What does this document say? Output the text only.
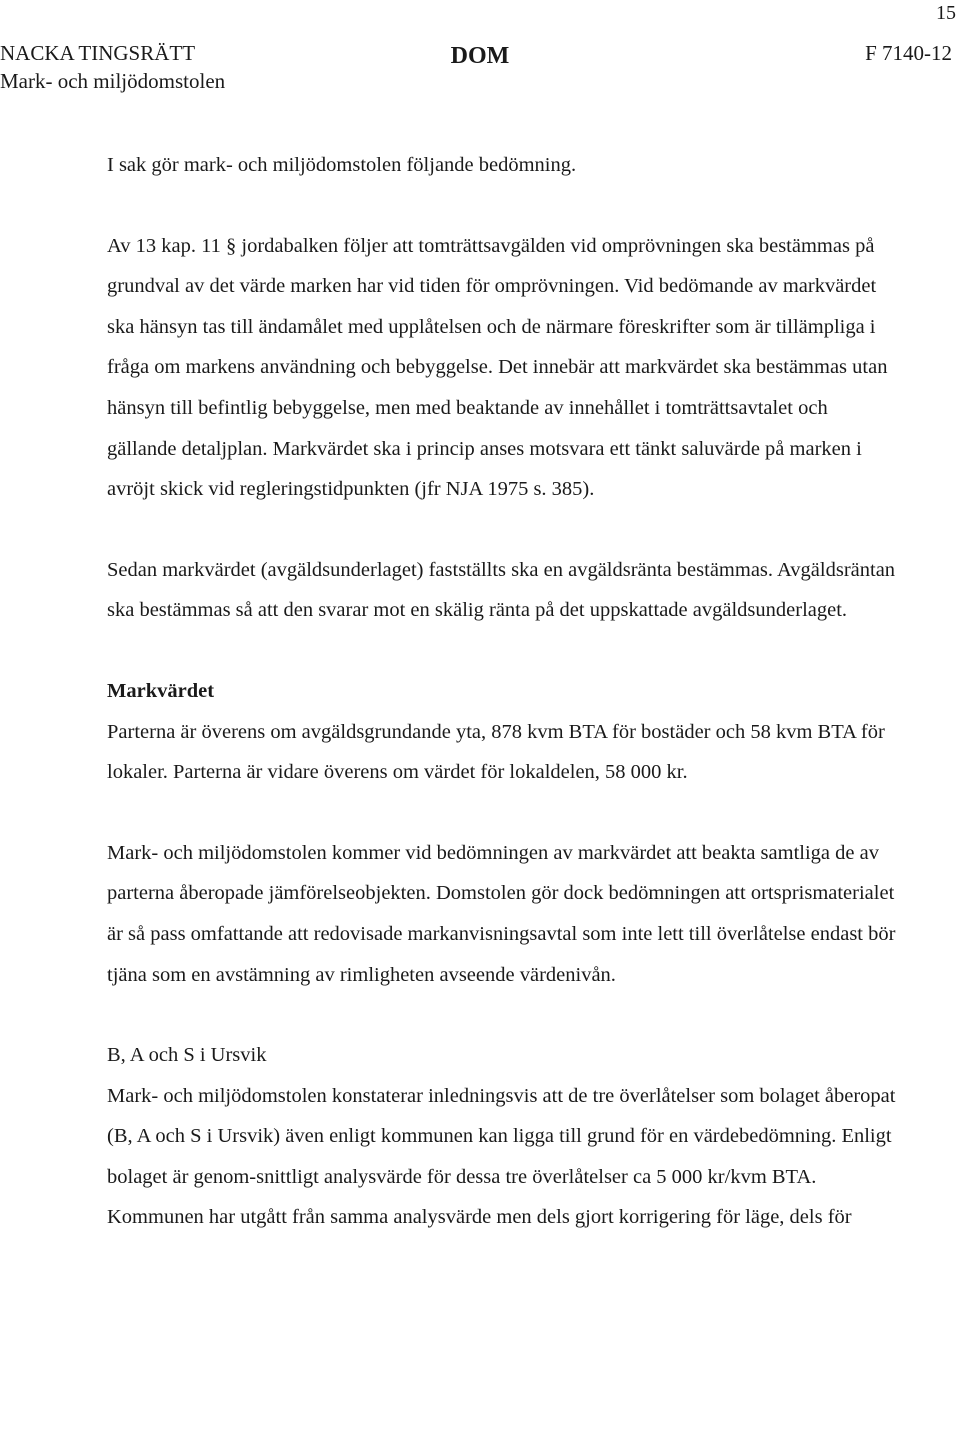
15
NACKA TINGSRÄTT
Mark- och miljödomstolen
DOM	F 7140-12

I sak gör mark- och miljödomstolen följande bedömning.

Av 13 kap. 11 § jordabalken följer att tomträttsavgälden vid omprövningen ska bestämmas på grundval av det värde marken har vid tiden för omprövningen. Vid bedömande av markvärdet ska hänsyn tas till ändamålet med upplåtelsen och de närmare föreskrifter som är tillämpliga i fråga om markens användning och bebyggelse. Det innebär att markvärdet ska bestämmas utan hänsyn till befintlig bebyggelse, men med beaktande av innehållet i tomträttsavtalet och gällande detaljplan. Markvärdet ska i princip anses motsvara ett tänkt saluvärde på marken i avröjt skick vid regleringstidpunkten (jfr NJA 1975 s. 385).

Sedan markvärdet (avgäldsunderlaget) fastställts ska en avgäldsränta bestämmas. Avgäldsräntan ska bestämmas så att den svarar mot en skälig ränta på det uppskattade avgäldsunderlaget.

Markvärdet

Parterna är överens om avgäldsgrundande yta, 878 kvm BTA för bostäder och 58 kvm BTA för lokaler. Parterna är vidare överens om värdet för lokaldelen, 58 000 kr.

Mark- och miljödomstolen kommer vid bedömningen av markvärdet att beakta samtliga de av parterna åberopade jämförelseobjekten. Domstolen gör dock bedömningen att ortsprismaterialet är så pass omfattande att redovisade markanvisningsavtal som inte lett till överlåtelse endast bör tjäna som en avstämning av rimligheten avseende värdenivån.

B, A och S i Ursvik

Mark- och miljödomstolen konstaterar inledningsvis att de tre överlåtelser som bolaget åberopat (B, A och S i Ursvik) även enligt kommunen kan ligga till grund för en värdebedömning. Enligt bolaget är genom-snittligt analysvärde för dessa tre överlåtelser ca 5 000 kr/kvm BTA. Kommunen har utgått från samma analysvärde men dels gjort korrigering för läge, dels för
